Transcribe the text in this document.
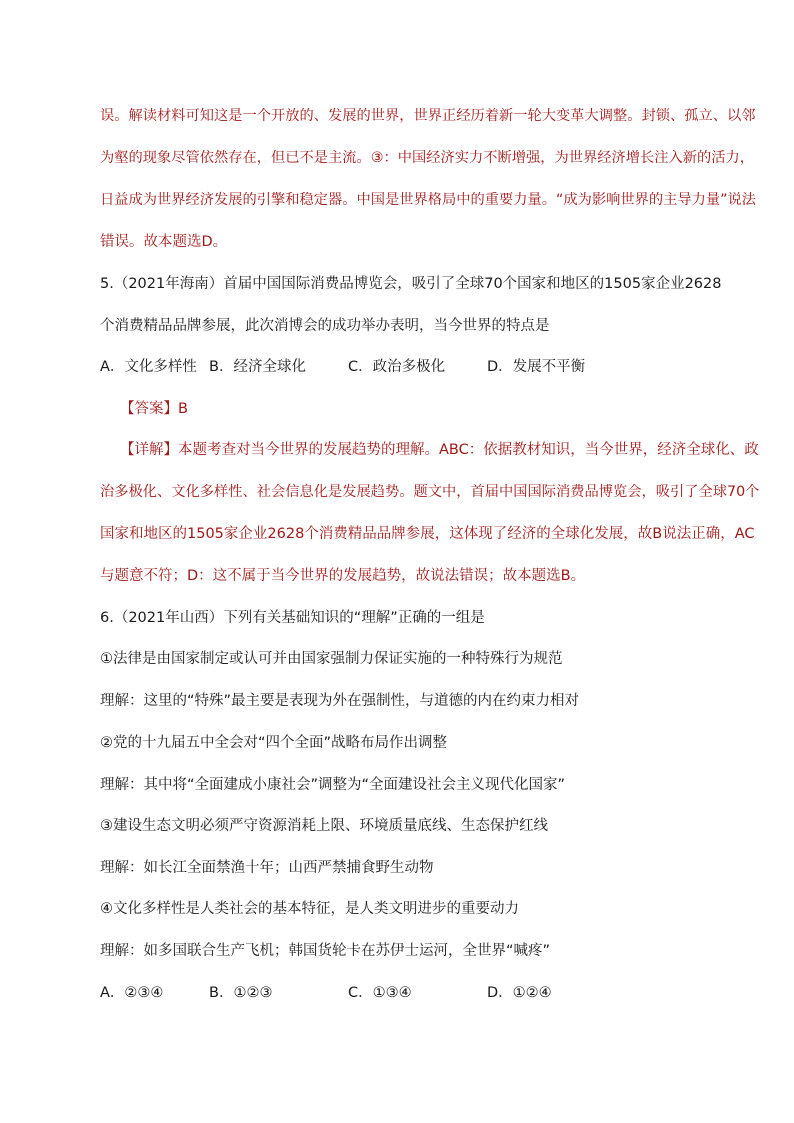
误。解读材料可知这是一个开放的、发展的世界，世界正经历着新一轮大变革大调整。封锁、孤立、以邻
为壑的现象尽管依然存在，但已不是主流。③：中国经济实力不断增强，为世界经济增长注入新的活力，
日益成为世界经济发展的引擎和稳定器。中国是世界格局中的重要力量。“成为影响世界的主导力量”说法
错误。故本题选D。
5.（2021年海南）首届中国国际消费品博览会，吸引了全球70个国家和地区的1505家企业2628
个消费精品品牌参展，此次消博会的成功举办表明，当今世界的特点是
A．文化多样性 B．经济全球化	C．政治多极化	D．发展不平衡
【答案】B
【详解】本题考查对当今世界的发展趋势的理解。ABC：依据教材知识，当今世界，经济全球化、政
治多极化、文化多样性、社会信息化是发展趋势。题文中，首届中国国际消费品博览会，吸引了全球70个
国家和地区的1505家企业2628个消费精品品牌参展，这体现了经济的全球化发展，故B说法正确，AC
与题意不符；D：这不属于当今世界的发展趋势，故说法错误；故本题选B。
6.（2021年山西）下列有关基础知识的“理解”正确的一组是
①法律是由国家制定或认可并由国家强制力保证实施的一种特殊行为规范
理解：这里的“特殊”最主要是表现为外在强制性，与道德的内在约束力相对
②党的十九届五中全会对“四个全面”战略布局作出调整
理解：其中将“全面建成小康社会”调整为“全面建设社会主义现代化国家”
③建设生态文明必须严守资源消耗上限、环境质量底线、生态保护红线
理解：如长江全面禁渔十年；山西严禁捕食野生动物
④文化多样性是人类社会的基本特征，是人类文明进步的重要动力
理解：如多国联合生产飞机；韩国货轮卡在苏伊士运河，全世界“喊疼”
A．②③④	B．①②③	C．①③④	D．①②④
